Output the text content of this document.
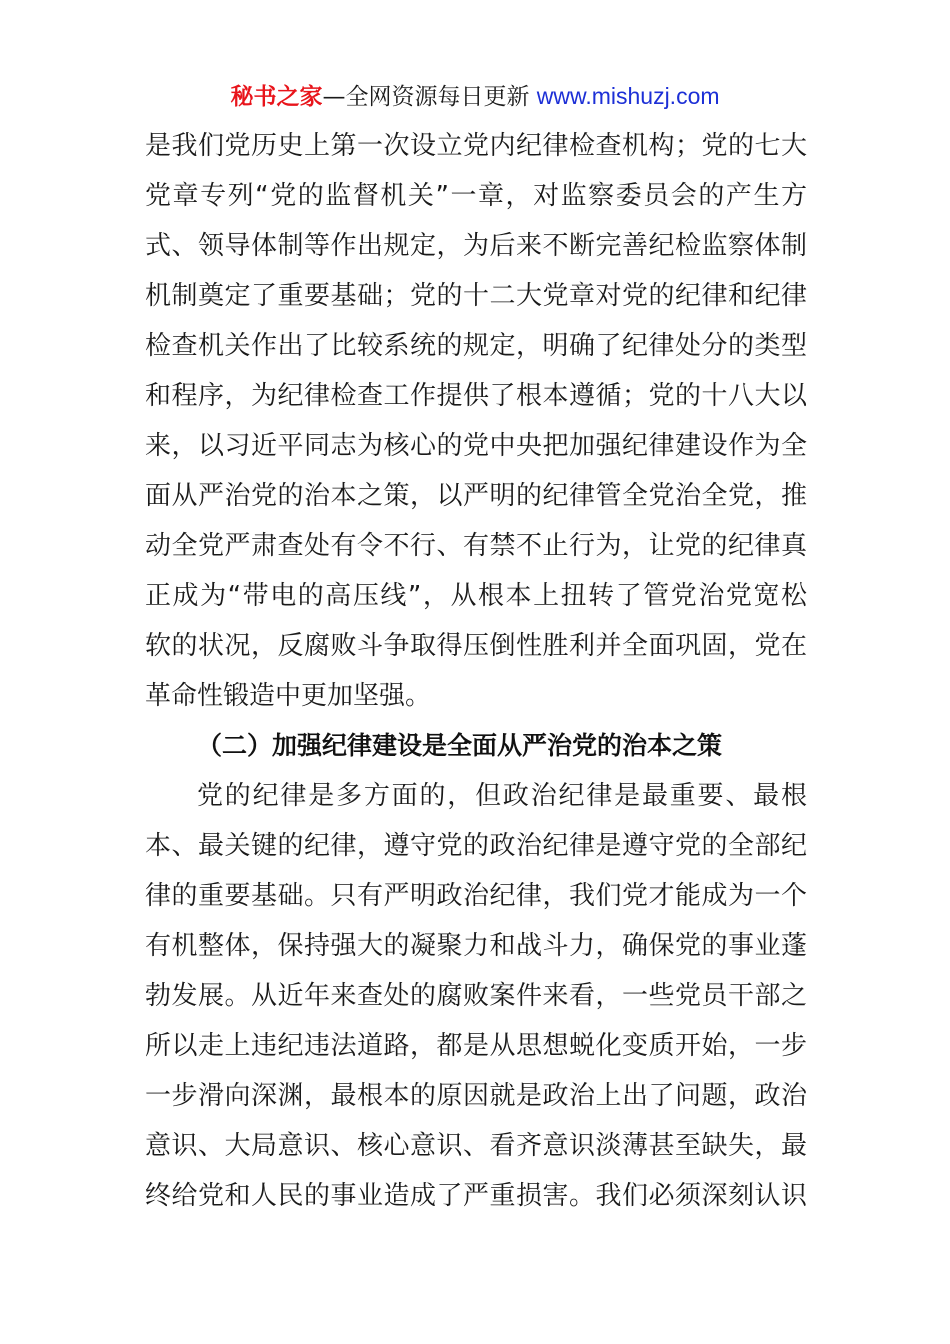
秘书之家—全网资源每日更新 www.mishuzj.com
是我们党历史上第一次设立党内纪律检查机构；党的七大
党章专列“党的监督机关”一章，对监察委员会的产生方
式、领导体制等作出规定，为后来不断完善纪检监察体制
机制奠定了重要基础；党的十二大党章对党的纪律和纪律
检查机关作出了比较系统的规定，明确了纪律处分的类型
和程序，为纪律检查工作提供了根本遵循；党的十八大以
来，以习近平同志为核心的党中央把加强纪律建设作为全
面从严治党的治本之策，以严明的纪律管全党治全党，推
动全党严肃查处有令不行、有禁不止行为，让党的纪律真
正成为“带电的高压线”，从根本上扭转了管党治党宽松
软的状况，反腐败斗争取得压倒性胜利并全面巩固，党在
革命性锻造中更加坚强。
（二）加强纪律建设是全面从严治党的治本之策
党的纪律是多方面的，但政治纪律是最重要、最根
本、最关键的纪律，遵守党的政治纪律是遵守党的全部纪
律的重要基础。只有严明政治纪律，我们党才能成为一个
有机整体，保持强大的凝聚力和战斗力，确保党的事业蓬
勃发展。从近年来查处的腐败案件来看，一些党员干部之
所以走上违纪违法道路，都是从思想蜕化变质开始，一步
一步滑向深渊，最根本的原因就是政治上出了问题，政治
意识、大局意识、核心意识、看齐意识淡薄甚至缺失，最
终给党和人民的事业造成了严重损害。我们必须深刻认识
